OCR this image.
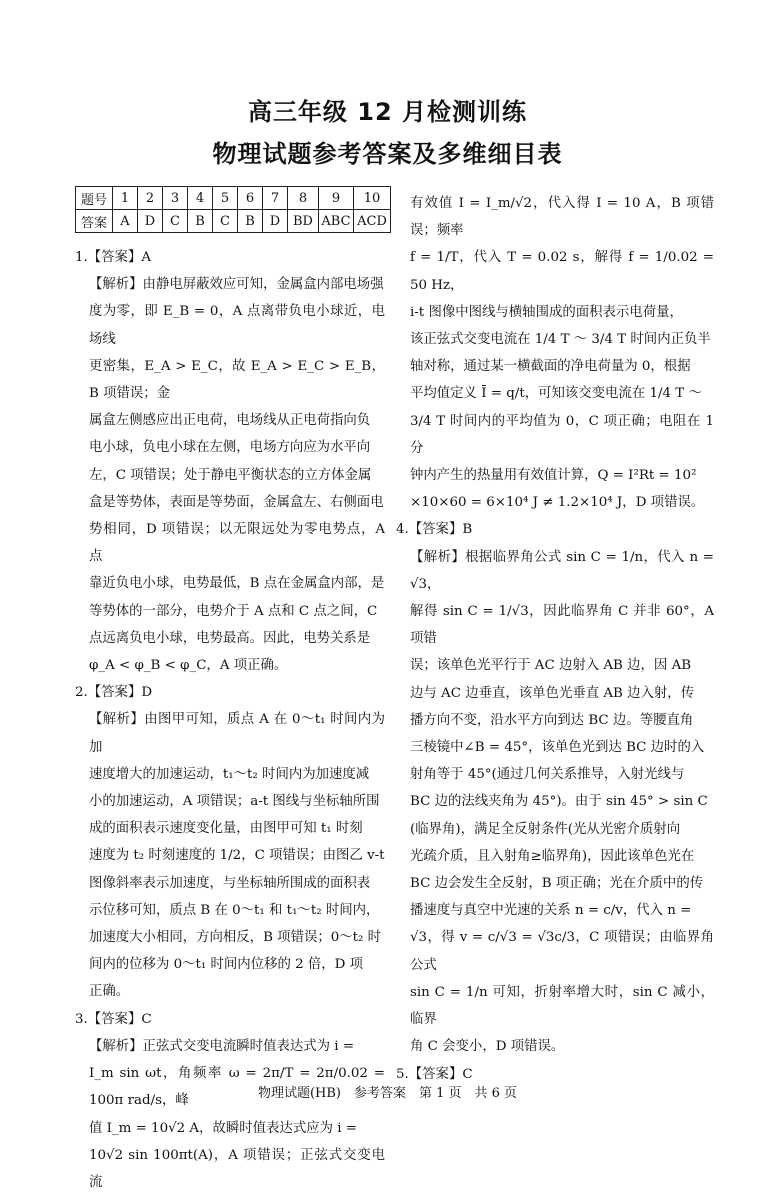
高三年级 12 月检测训练
物理试题参考答案及多维细目表
题号	1	2	3	4	5	6	7	8	9	10
答案	A	D	C	B	C	B	D	BD	ABC	ACD
1.【答案】A
【解析】由静电屏蔽效应可知，金属盒内部电场强
度为零，即 E_B = 0，A 点离带负电小球近，电场线
更密集，E_A > E_C，故 E_A > E_C > E_B，B 项错误；金
属盒左侧感应出正电荷，电场线从正电荷指向负
电小球，负电小球在左侧，电场方向应为水平向
左，C 项错误；处于静电平衡状态的立方体金属
盒是等势体，表面是等势面，金属盒左、右侧面电
势相同，D 项错误；以无限远处为零电势点，A 点
靠近负电小球，电势最低，B 点在金属盒内部，是
等势体的一部分，电势介于 A 点和 C 点之间，C
点远离负电小球，电势最高。因此，电势关系是
φ_A < φ_B < φ_C，A 项正确。
2.【答案】D
【解析】由图甲可知，质点 A 在 0～t₁ 时间内为加
速度增大的加速运动，t₁～t₂ 时间内为加速度减
小的加速运动，A 项错误；a-t 图线与坐标轴所围
成的面积表示速度变化量，由图甲可知 t₁ 时刻
速度为 t₂ 时刻速度的 1/2，C 项错误；由图乙 v-t
图像斜率表示加速度，与坐标轴所围成的面积表
示位移可知，质点 B 在 0～t₁ 和 t₁～t₂ 时间内，
加速度大小相同，方向相反，B 项错误；0～t₂ 时
间内的位移为 0～t₁ 时间内位移的 2 倍，D 项
正确。
3.【答案】C
【解析】正弦式交变电流瞬时值表达式为 i =
I_m sin ωt，角频率 ω = 2π/T = 2π/0.02 = 100π rad/s，峰
值 I_m = 10√2 A，故瞬时值表达式应为 i =
10√2 sin 100πt(A)，A 项错误；正弦式交变电流
有效值 I = I_m/√2，代入得 I = 10 A，B 项错误；频率
f = 1/T，代入 T = 0.02 s，解得 f = 1/0.02 = 50 Hz，
i-t 图像中图线与横轴围成的面积表示电荷量，
该正弦式交变电流在 1/4 T ～ 3/4 T 时间内正负半
轴对称，通过某一横截面的净电荷量为 0，根据
平均值定义 Ī = q/t，可知该交变电流在 1/4 T ～
3/4 T 时间内的平均值为 0，C 项正确；电阻在 1 分
钟内产生的热量用有效值计算，Q = I²Rt = 10²
×10×60 = 6×10⁴ J ≠ 1.2×10⁴ J，D 项错误。
4.【答案】B
【解析】根据临界角公式 sin C = 1/n，代入 n = √3，
解得 sin C = 1/√3，因此临界角 C 并非 60°，A 项错
误；该单色光平行于 AC 边射入 AB 边，因 AB
边与 AC 边垂直，该单色光垂直 AB 边入射，传
播方向不变，沿水平方向到达 BC 边。等腰直角
三棱镜中∠B = 45°，该单色光到达 BC 边时的入
射角等于 45°(通过几何关系推导，入射光线与
BC 边的法线夹角为 45°)。由于 sin 45° > sin C
(临界角)，满足全反射条件(光从光密介质射向
光疏介质，且入射角≥临界角)，因此该单色光在
BC 边会发生全反射，B 项正确；光在介质中的传
播速度与真空中光速的关系 n = c/v，代入 n =
√3，得 v = c/√3 = √3c/3，C 项错误；由临界角公式
sin C = 1/n 可知，折射率增大时，sin C 减小，临界
角 C 会变小，D 项错误。
5.【答案】C
物理试题(HB)　参考答案　第 1 页　共 6 页
